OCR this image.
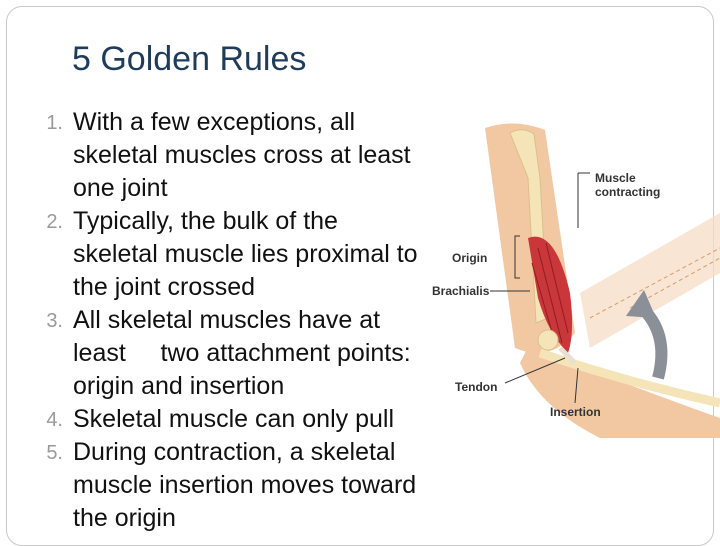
5 Golden Rules
1. With a few exceptions, all
skeletal muscles cross at least
one joint
2. Typically, the bulk of the
skeletal muscle lies proximal to
the joint crossed
3. All skeletal muscles have at
least     two attachment points:
origin and insertion
4. Skeletal muscle can only pull
5. During contraction, a skeletal
muscle insertion moves toward
the origin
Muscle
contracting
Origin
Brachialis
Tendon
Insertion
